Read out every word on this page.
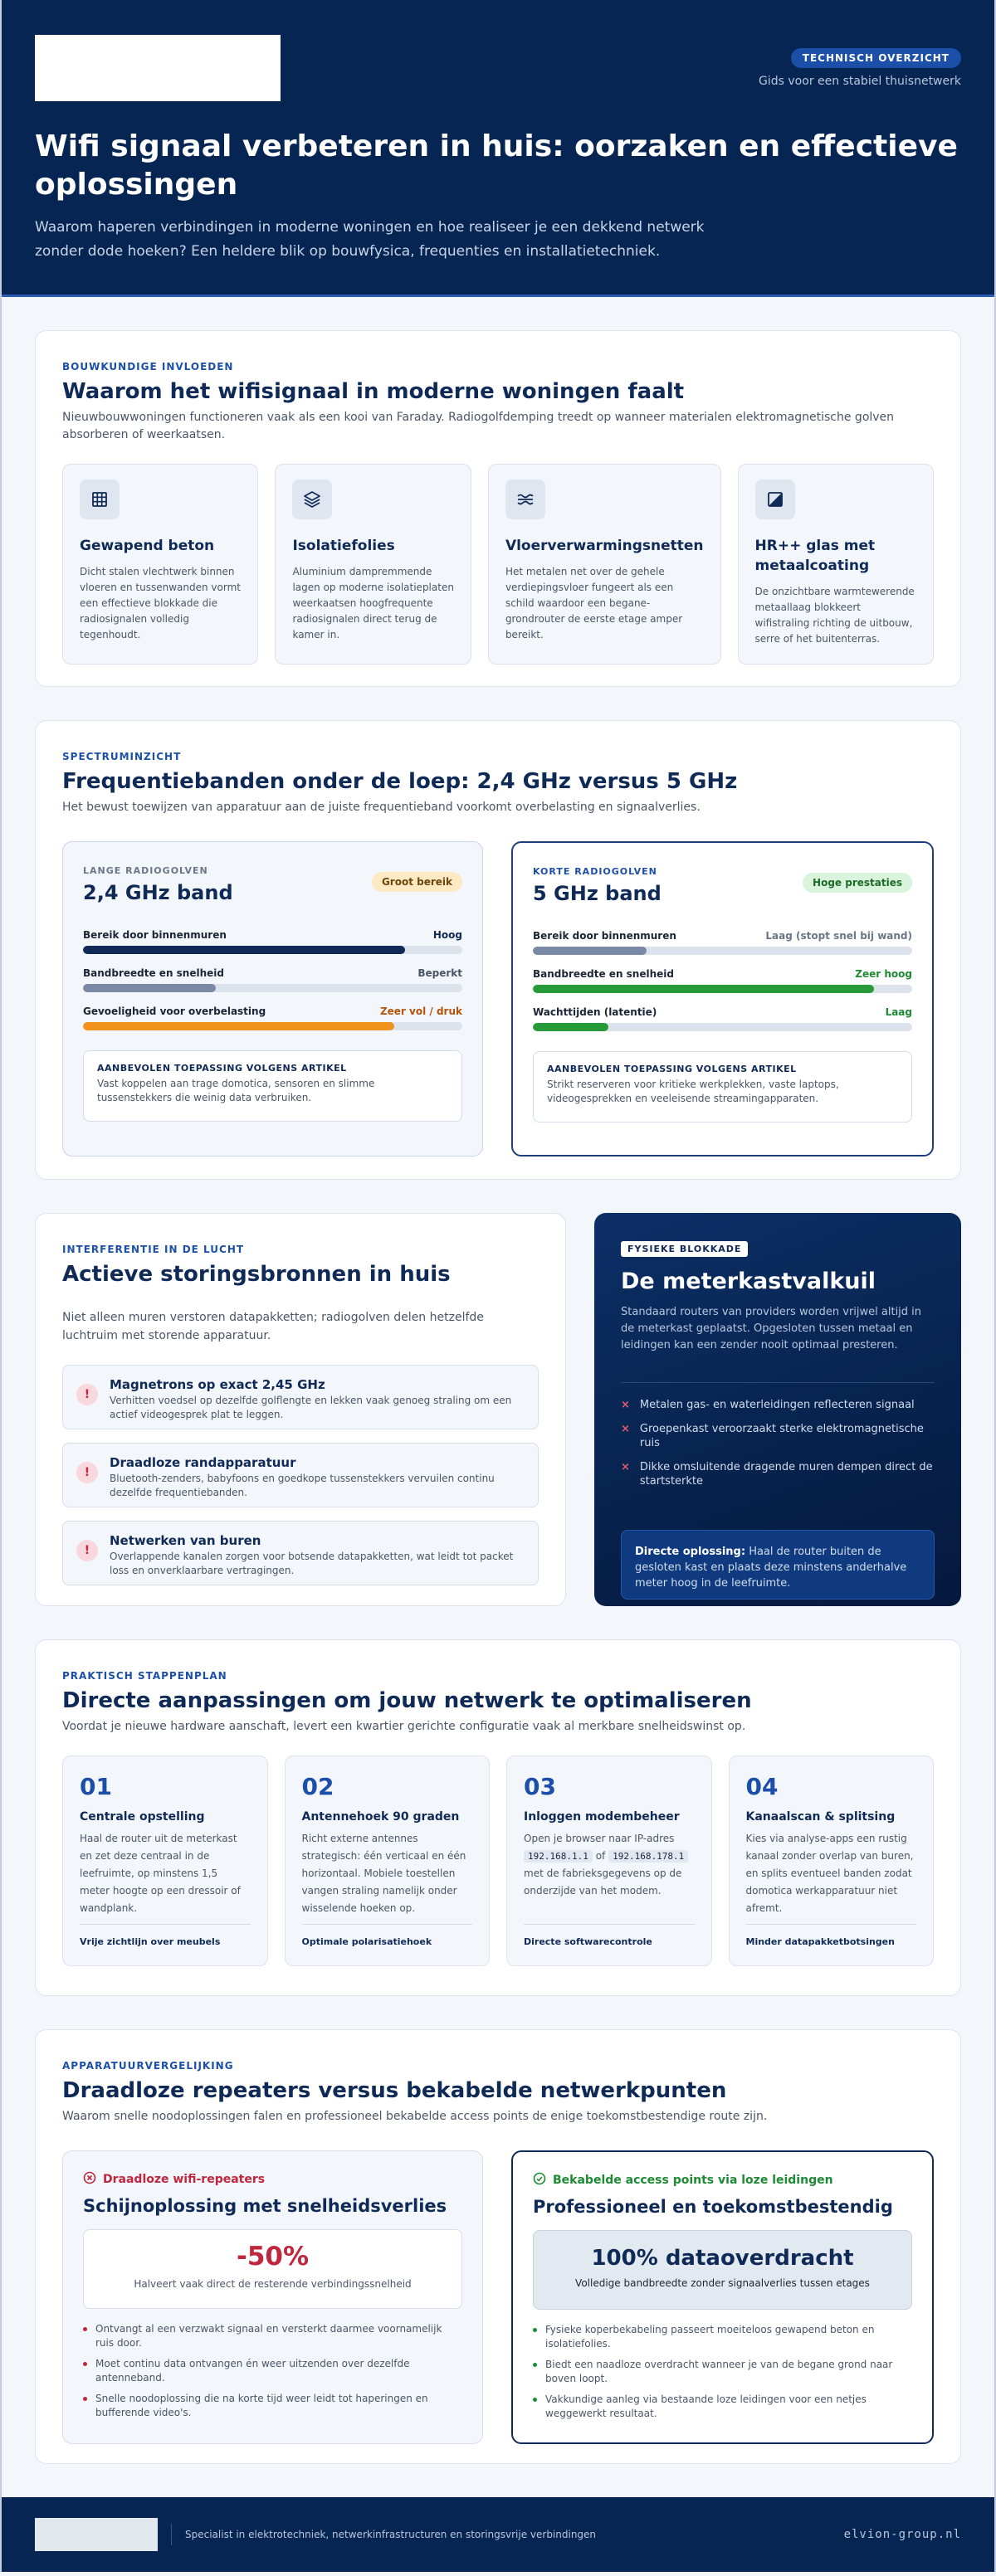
TECHNISCH OVERZICHT
Gids voor een stabiel thuisnetwerk
Wifi signaal verbeteren in huis: oorzaken en effectieve oplossingen

Waarom haperen verbindingen in moderne woningen en hoe realiseer je een dekkend netwerk zonder dode hoeken? Een heldere blik op bouwfysica, frequenties en installatietechniek.

BOUWKUNDIGE INVLOEDEN
Waarom het wifisignaal in moderne woningen faalt

Nieuwbouwwoningen functioneren vaak als een kooi van Faraday. Radiogolfdemping treedt op wanneer materialen elektromagnetische golven absorberen of weerkaatsen.

Gewapend beton
Dicht stalen vlechtwerk binnen vloeren en tussenwanden vormt een effectieve blokkade die radiosignalen volledig tegenhoudt.
Isolatiefolies
Aluminium dampremmende lagen op moderne isolatieplaten weerkaatsen hoogfrequente radiosignalen direct terug de kamer in.
Vloerverwarmingsnetten
Het metalen net over de gehele verdiepingsvloer fungeert als een schild waardoor een begane-grondrouter de eerste etage amper bereikt.
HR++ glas met metaalcoating
De onzichtbare warmtewerende metaallaag blokkeert wifistraling richting de uitbouw, serre of het buitenterras.
SPECTRUMINZICHT
Frequentiebanden onder de loep: 2,4 GHz versus 5 GHz

Het bewust toewijzen van apparatuur aan de juiste frequentieband voorkomt overbelasting en signaalverlies.

LANGE RADIOGOLVEN
2,4 GHz band	Groot bereik
Bereik door binnenmuren	Hoog
Bandbreedte en snelheid	Beperkt
Gevoeligheid voor overbelasting	Zeer vol / druk
AANBEVOLEN TOEPASSING VOLGENS ARTIKEL
Vast koppelen aan trage domotica, sensoren en slimme tussenstekkers die weinig data verbruiken.
KORTE RADIOGOLVEN
5 GHz band	Hoge prestaties
Bereik door binnenmuren	Laag (stopt snel bij wand)
Bandbreedte en snelheid	Zeer hoog
Wachttijden (latentie)	Laag
AANBEVOLEN TOEPASSING VOLGENS ARTIKEL
Strikt reserveren voor kritieke werkplekken, vaste laptops, videogesprekken en veeleisende streamingapparaten.
INTERFERENTIE IN DE LUCHT
Actieve storingsbronnen in huis

Niet alleen muren verstoren datapakketten; radiogolven delen hetzelfde luchtruim met storende apparatuur.

!
Magnetrons op exact 2,45 GHz
Verhitten voedsel op dezelfde golflengte en lekken vaak genoeg straling om een actief videogesprek plat te leggen.
!
Draadloze randapparatuur
Bluetooth-zenders, babyfoons en goedkope tussenstekkers vervuilen continu dezelfde frequentiebanden.
!
Netwerken van buren
Overlappende kanalen zorgen voor botsende datapakketten, wat leidt tot packet loss en onverklaarbare vertragingen.
FYSIEKE BLOKKADE
De meterkastvalkuil

Standaard routers van providers worden vrijwel altijd in de meterkast geplaatst. Opgesloten tussen metaal en leidingen kan een zender nooit optimaal presteren.

× Metalen gas- en waterleidingen reflecteren signaal
× Groepenkast veroorzaakt sterke elektromagnetische ruis
× Dikke omsluitende dragende muren dempen direct de startsterkte
Directe oplossing: Haal de router buiten de gesloten kast en plaats deze minstens anderhalve meter hoog in de leefruimte.
PRAKTISCH STAPPENPLAN
Directe aanpassingen om jouw netwerk te optimaliseren

Voordat je nieuwe hardware aanschaft, levert een kwartier gerichte configuratie vaak al merkbare snelheidswinst op.

01
Centrale opstelling
Haal de router uit de meterkast en zet deze centraal in de leefruimte, op minstens 1,5 meter hoogte op een dressoir of wandplank.
Vrije zichtlijn over meubels
02
Antennehoek 90 graden
Richt externe antennes strategisch: één verticaal en één horizontaal. Mobiele toestellen vangen straling namelijk onder wisselende hoeken op.
Optimale polarisatiehoek
03
Inloggen modembeheer
Open je browser naar IP-adres 192.168.1.1 of 192.168.178.1 met de fabrieksgegevens op de onderzijde van het modem.
Directe softwarecontrole
04
Kanaalscan & splitsing
Kies via analyse-apps een rustig kanaal zonder overlap van buren, en splits eventueel banden zodat domotica werkapparatuur niet afremt.
Minder datapakketbotsingen
APPARATUURVERGELIJKING
Draadloze repeaters versus bekabelde netwerkpunten

Waarom snelle noodoplossingen falen en professioneel bekabelde access points de enige toekomstbestendige route zijn.

Draadloze wifi-repeaters
Schijnoplossing met snelheidsverlies
-50%
Halveert vaak direct de resterende verbindingssnelheid
Ontvangt al een verzwakt signaal en versterkt daarmee voornamelijk ruis door.
Moet continu data ontvangen én weer uitzenden over dezelfde antenneband.
Snelle noodoplossing die na korte tijd weer leidt tot haperingen en bufferende video's.
Bekabelde access points via loze leidingen
Professioneel en toekomstbestendig
100% dataoverdracht
Volledige bandbreedte zonder signaalverlies tussen etages
Fysieke koperbekabeling passeert moeiteloos gewapend beton en isolatiefolies.
Biedt een naadloze overdracht wanneer je van de begane grond naar boven loopt.
Vakkundige aanleg via bestaande loze leidingen voor een netjes weggewerkt resultaat.
Specialist in elektrotechniek, netwerkinfrastructuren en storingsvrije verbindingen	elvion-group.nl
